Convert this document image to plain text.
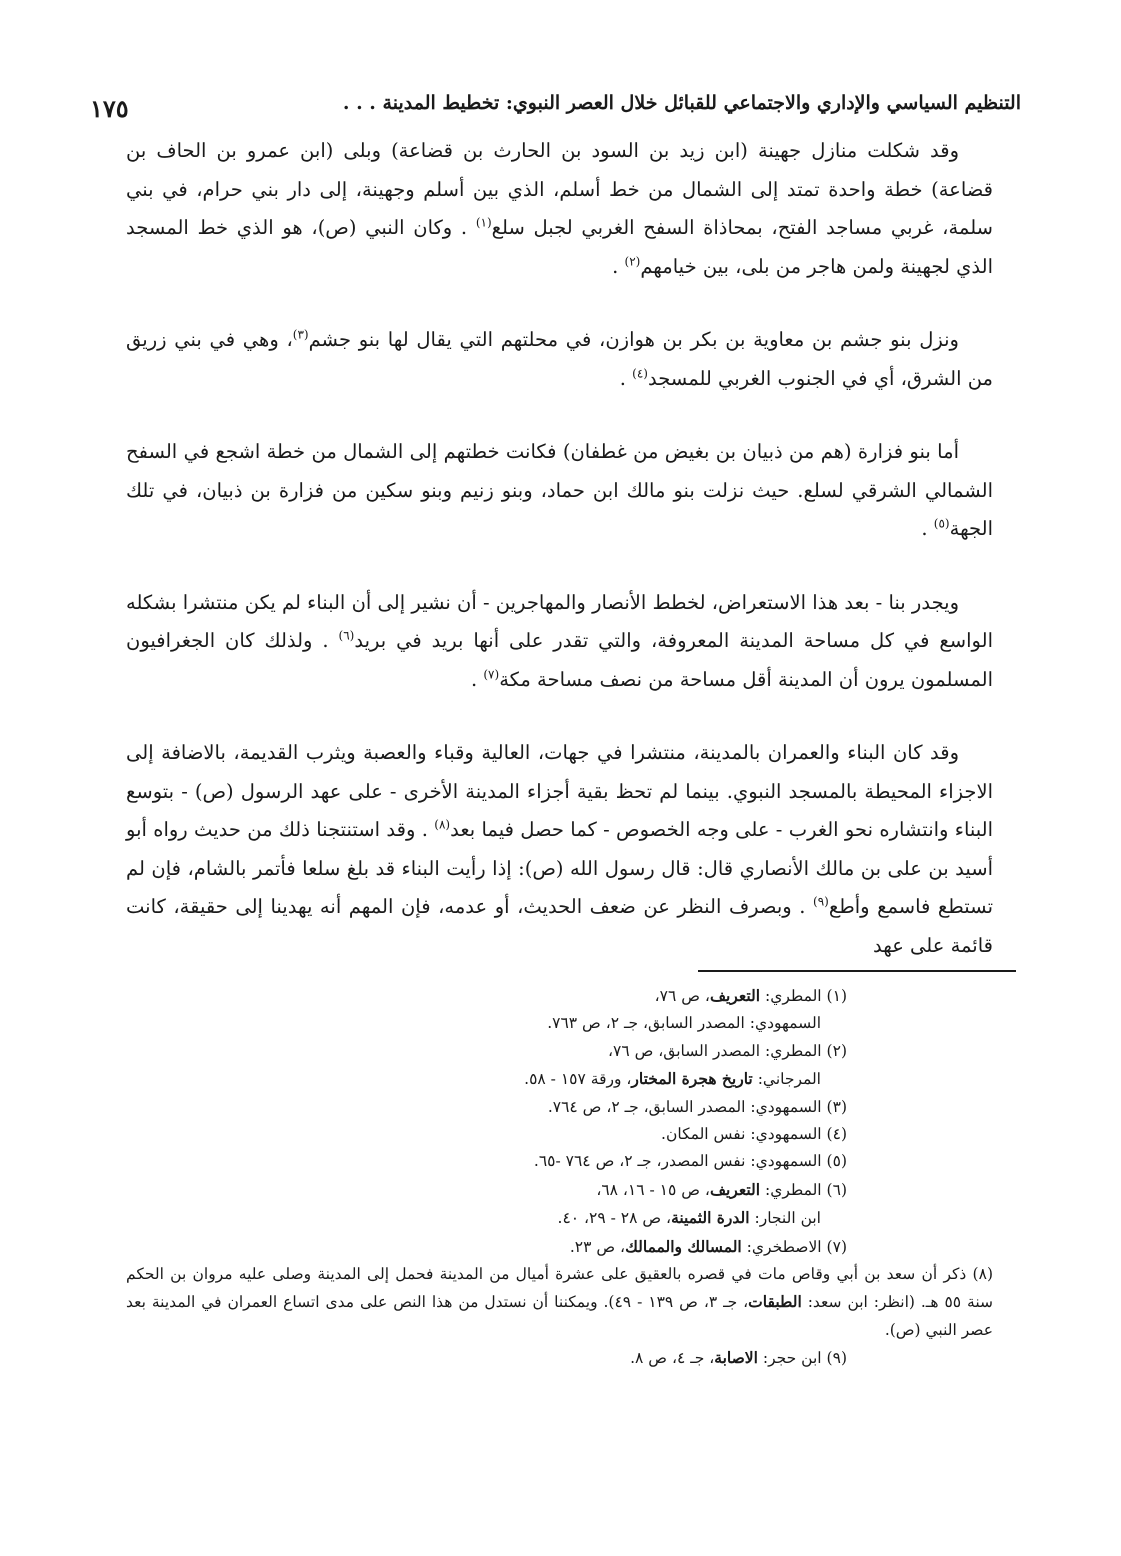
التنظيم السياسي والإداري والاجتماعي للقبائل خلال العصر النبوي: تخطيط المدينة . . .
١٧٥

وقد شكلت منازل جهينة (ابن زيد بن السود بن الحارث بن قضاعة) وبلى (ابن عمرو بن الحاف بن قضاعة) خطة واحدة تمتد إلى الشمال من خط أسلم، الذي بين أسلم وجهينة، إلى دار بني حرام، في بني سلمة، غربي مساجد الفتح، بمحاذاة السفح الغربي لجبل سلع$^{(١)}$ . وكان النبي (ص)، هو الذي خط المسجد الذي لجهينة ولمن هاجر من بلى، بين خيامهم$^{(٢)}$ .

ونزل بنو جشم بن معاوية بن بكر بن هوازن، في محلتهم التي يقال لها بنو جشم$^{(٣)}$، وهي في بني زريق من الشرق، أي في الجنوب الغربي للمسجد$^{(٤)}$ .

أما بنو فزارة (هم من ذبيان بن بغيض من غطفان) فكانت خطتهم إلى الشمال من خطة اشجع في السفح الشمالي الشرقي لسلع. حيث نزلت بنو مالك ابن حماد، وبنو زنيم وبنو سكين من فزارة بن ذبيان، في تلك الجهة$^{(٥)}$ .

ويجدر بنا - بعد هذا الاستعراض، لخطط الأنصار والمهاجرين - أن نشير إلى أن البناء لم يكن منتشرا بشكله الواسع في كل مساحة المدينة المعروفة، والتي تقدر على أنها بريد في بريد$^{(٦)}$ . ولذلك كان الجغرافيون المسلمون يرون أن المدينة أقل مساحة من نصف مساحة مكة$^{(٧)}$ .

وقد كان البناء والعمران بالمدينة، منتشرا في جهات، العالية وقباء والعصبة ويثرب القديمة، بالاضافة إلى الاجزاء المحيطة بالمسجد النبوي. بينما لم تحظ بقية أجزاء المدينة الأخرى - على عهد الرسول (ص) - بتوسع البناء وانتشاره نحو الغرب - على وجه الخصوص - كما حصل فيما بعد$^{(٨)}$ . وقد استنتجنا ذلك من حديث رواه أبو أسيد بن على بن مالك الأنصاري قال: قال رسول الله (ص): إذا رأيت البناء قد بلغ سلعا فأتمر بالشام، فإن لم تستطع فاسمع وأطع$^{(٩)}$ . وبصرف النظر عن ضعف الحديث، أو عدمه، فإن المهم أنه يهدينا إلى حقيقة، كانت قائمة على عهد

(١) المطري: التعريف، ص ٧٦،

السمهودي: المصدر السابق، جـ ٢، ص ٧٦٣.

(٢) المطري: المصدر السابق، ص ٧٦،

المرجاني: تاريخ هجرة المختار، ورقة ١٥٧ - ٥٨.

(٣) السمهودي: المصدر السابق، جـ ٢، ص ٧٦٤.

(٤) السمهودي: نفس المكان.

(٥) السمهودي: نفس المصدر، جـ ٢، ص ٧٦٤ -٦٥.

(٦) المطري: التعريف، ص ١٥ - ١٦، ٦٨،

ابن النجار: الدرة الثمينة، ص ٢٨ - ٢٩، ٤٠.

(٧) الاصطخري: المسالك والممالك، ص ٢٣.

(٨) ذكر أن سعد بن أبي وقاص مات في قصره بالعقيق على عشرة أميال من المدينة فحمل إلى المدينة وصلى عليه مروان بن الحكم سنة ٥٥ هـ. (انظر: ابن سعد: الطبقات، جـ ٣، ص ١٣٩ - ٤٩). ويمكننا أن نستدل من هذا النص على مدى اتساع العمران في المدينة بعد عصر النبي (ص).

(٩) ابن حجر: الاصابة، جـ ٤، ص ٨.
